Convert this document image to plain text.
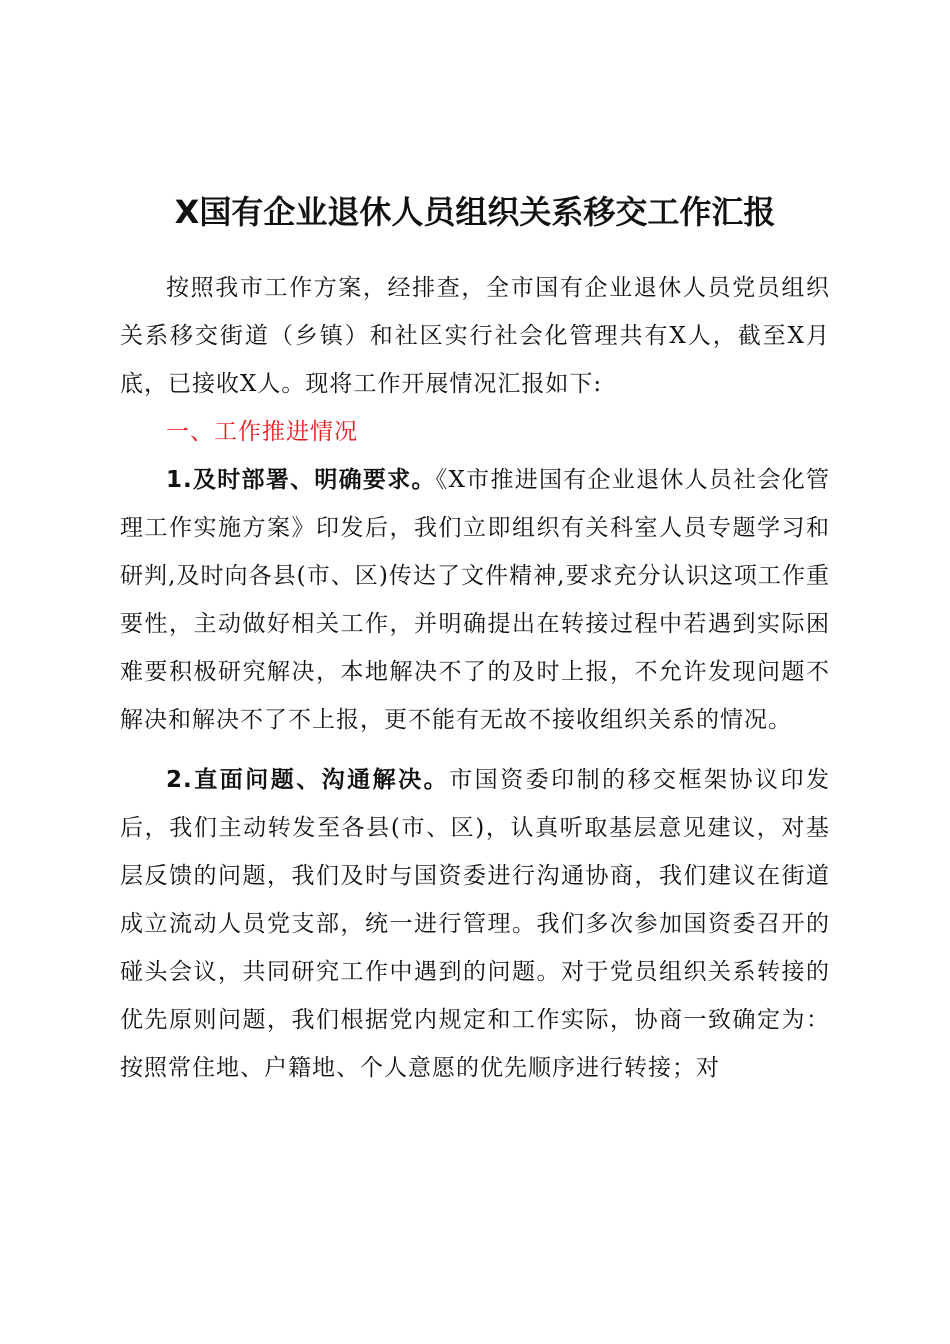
X国有企业退休人员组织关系移交工作汇报

按照我市工作方案，经排查，全市国有企业退休人员党员组织关系移交街道（乡镇）和社区实行社会化管理共有X人，截至X月底，已接收X人。现将工作开展情况汇报如下:

一、工作推进情况

1.及时部署、明确要求。《X市推进国有企业退休人员社会化管理工作实施方案》印发后，我们立即组织有关科室人员专题学习和研判,及时向各县(市、区)传达了文件精神,要求充分认识这项工作重要性，主动做好相关工作，并明确提出在转接过程中若遇到实际困难要积极研究解决，本地解决不了的及时上报，不允许发现问题不解决和解决不了不上报，更不能有无故不接收组织关系的情况。

2.直面问题、沟通解决。市国资委印制的移交框架协议印发后，我们主动转发至各县(市、区)，认真听取基层意见建议，对基层反馈的问题，我们及时与国资委进行沟通协商，我们建议在街道成立流动人员党支部，统一进行管理。我们多次参加国资委召开的碰头会议，共同研究工作中遇到的问题。对于党员组织关系转接的优先原则问题，我们根据党内规定和工作实际，协商一致确定为：按照常住地、户籍地、个人意愿的优先顺序进行转接；对
